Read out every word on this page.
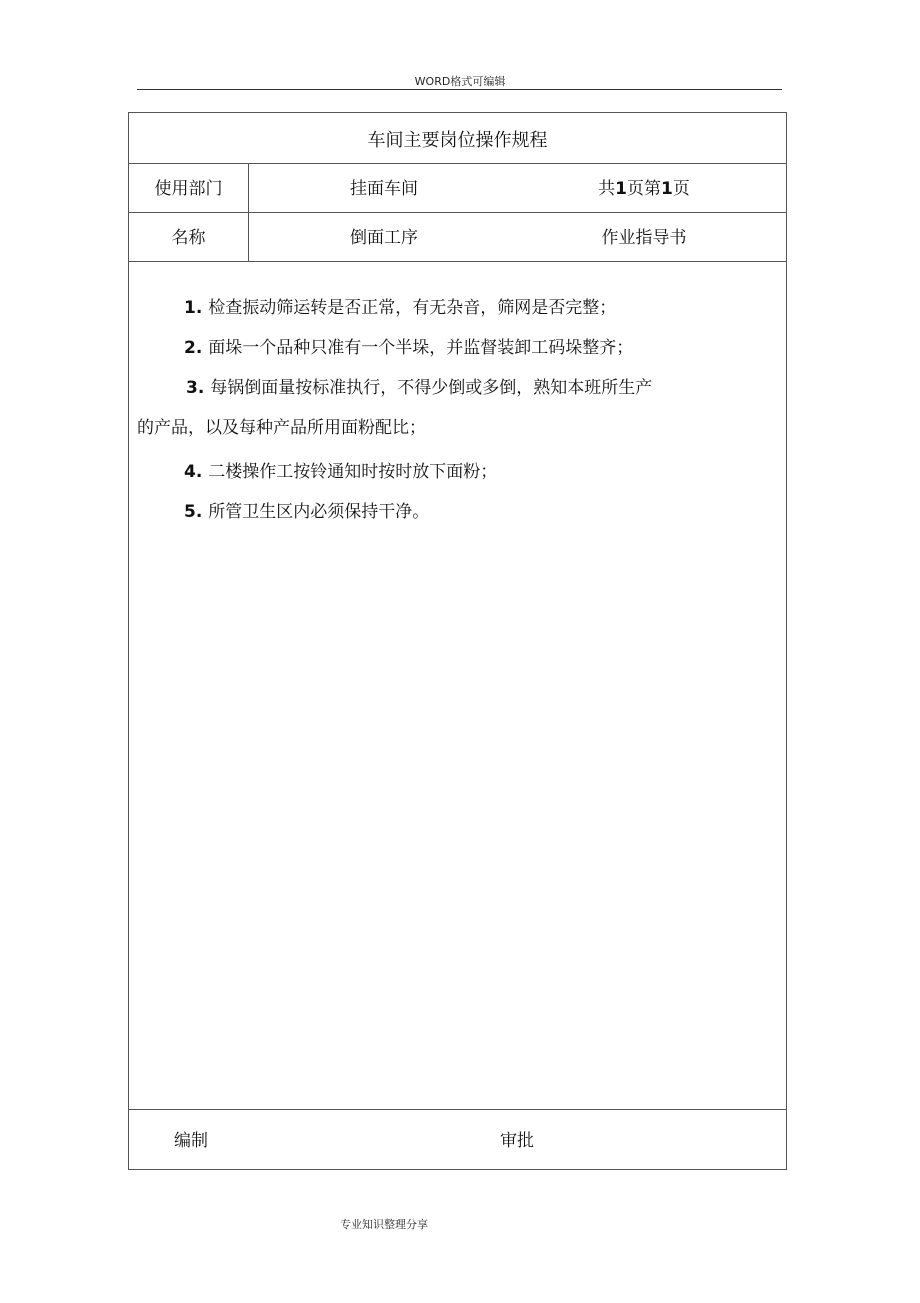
WORD格式可编辑
车间主要岗位操作规程
使用部门	挂面车间	共1页第1页
名称	倒面工序	作业指导书
1. 检查振动筛运转是否正常，有无杂音，筛网是否完整；
2. 面垛一个品种只准有一个半垛，并监督装卸工码垛整齐；
3. 每锅倒面量按标准执行，不得少倒或多倒，熟知本班所生产
的产品，以及每种产品所用面粉配比；
4. 二楼操作工按铃通知时按时放下面粉；
5. 所管卫生区内必须保持干净。
编制	审批
专业知识整理分享
